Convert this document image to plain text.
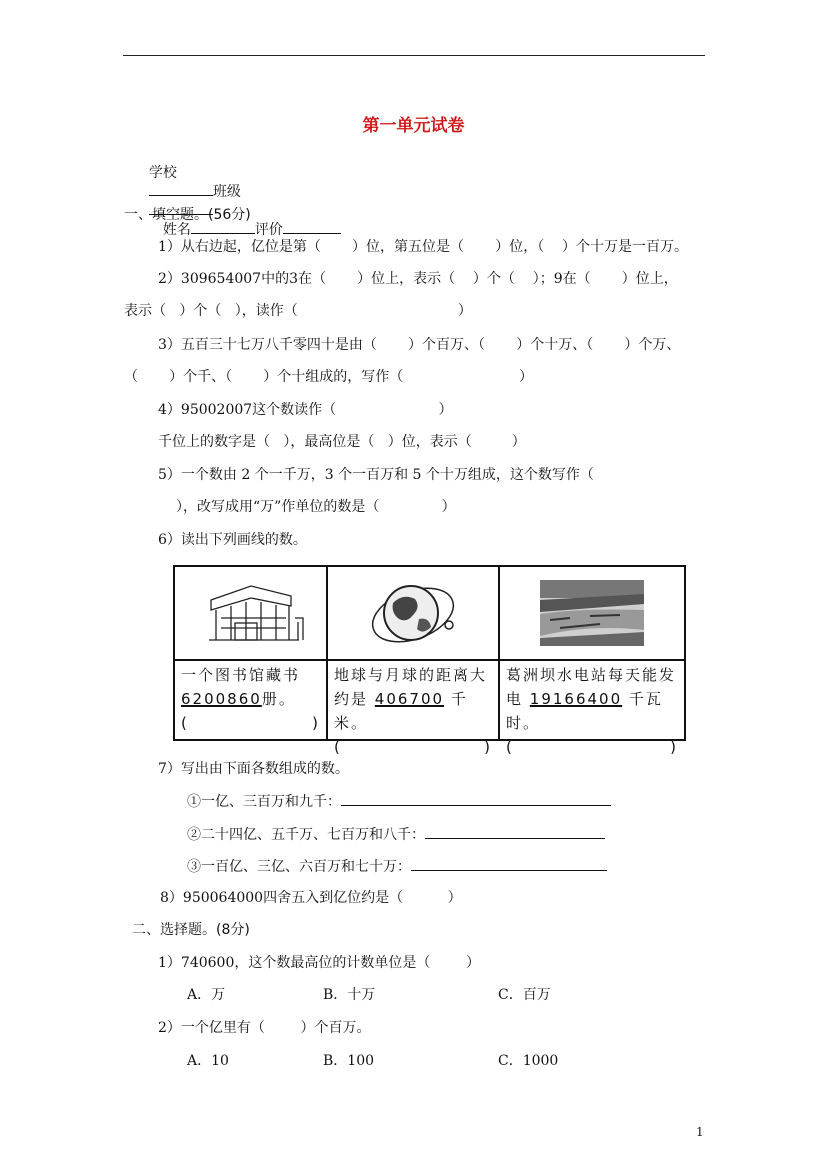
第一单元试卷

学校
班级

姓名	评价

一、填空题。(56分)
1）从右边起，亿位是第（       ）位，第五位是（       ）位，（    ）个十万是一百万。
2）309654007中的3在（       ）位上，表示（    ）个（    ）；9在（       ）位上，
表示（   ）个（   ），读作（                                    ）
3）五百三十七万八千零四十是由（       ）个百万、（       ）个十万、（       ）个万、
（       ）个千、（       ）个十组成的，写作（                          ）
4）95002007这个数读作（                       ）
千位上的数字是（   ），最高位是（   ）位，表示（         ）
5）一个数由 2 个一千万，3 个一百万和 5 个十万组成，这个数写作（
），改写成用“万”作单位的数是（              ）
6）读出下列画线的数。
一个图书馆藏书
6200860册。
(	)
地球与月球的距离大
约是 406700 千米。
(	)
葛洲坝水电站每天能发
电 19166400 千瓦时。
(	)
7）写出由下面各数组成的数。
①一亿、三百万和九千：
②二十四亿、五千万、七百万和八千：
③一百亿、三亿、六百万和七十万：
8）950064000四舍五入到亿位约是（          ）
二、选择题。(8分)
1）740600，这个数最高位的计数单位是（        ）
A．万	B．十万	C．百万
2）一个亿里有（        ）个百万。
A．10	B．100	C．1000
1
